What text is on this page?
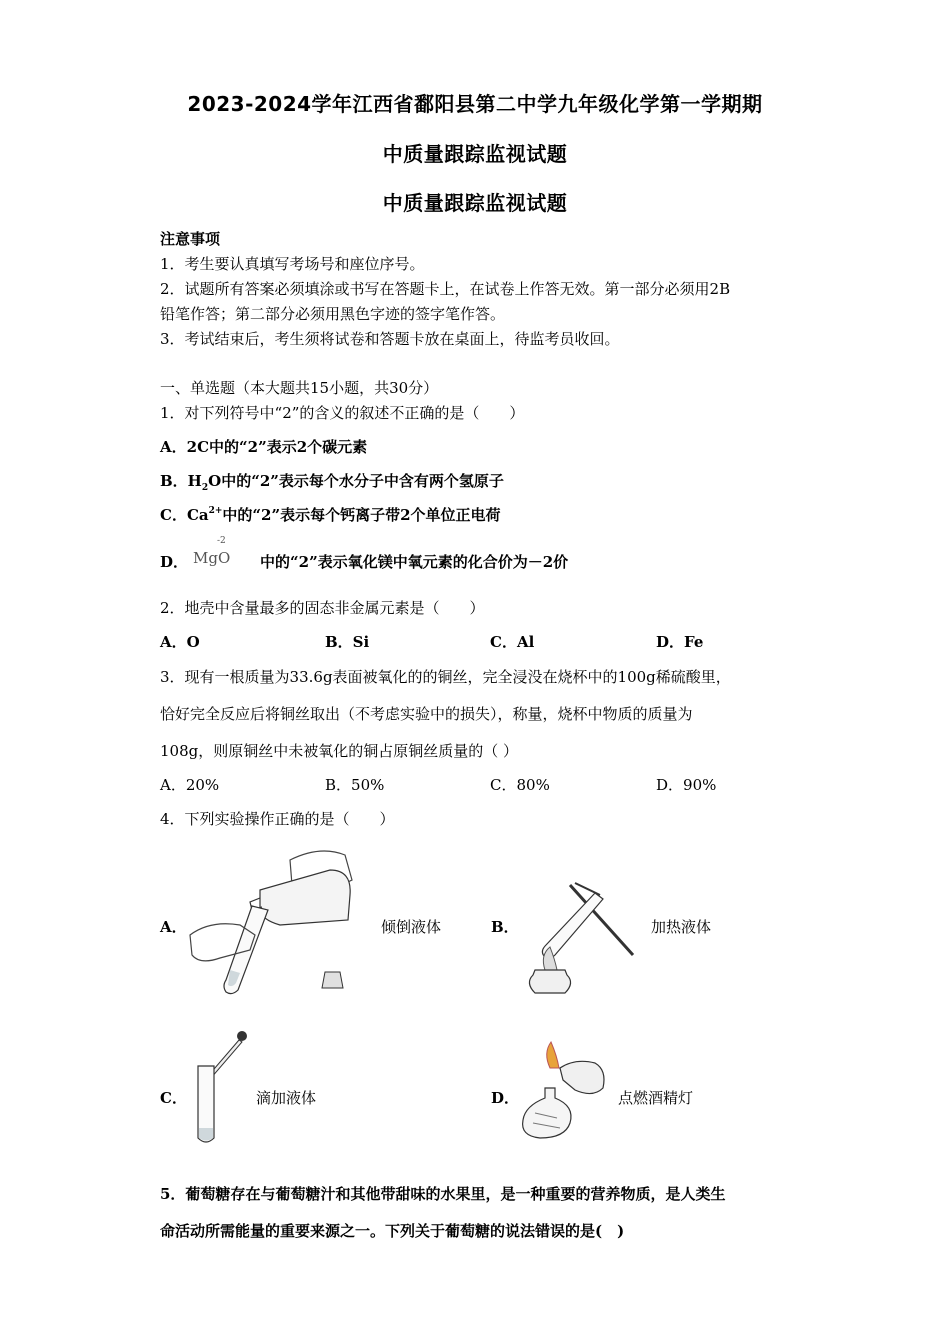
2023-2024学年江西省鄱阳县第二中学九年级化学第一学期期
中质量跟踪监视试题
中质量跟踪监视试题
注意事项
1．考生要认真填写考场号和座位序号。
2．试题所有答案必须填涂或书写在答题卡上，在试卷上作答无效。第一部分必须用2B
铅笔作答；第二部分必须用黑色字迹的签字笔作答。
3．考试结束后，考生须将试卷和答题卡放在桌面上，待监考员收回。
一、单选题（本大题共15小题，共30分）
1．对下列符号中“2”的含义的叙述不正确的是（　　）
A．2C中的“2”表示2个碳元素
B．$H_2O$中的“2”表示每个水分子中含有两个氢原子
C．$Ca^{2+}$中的“2”表示每个钙离子带2个单位正电荷
D．	中的“2”表示氧化镁中氧元素的化合价为－2价
MgO
-2
2．地壳中含量最多的固态非金属元素是（　　）
A．O	B．Si	C．Al	D．Fe
3．现有一根质量为33.6g表面被氧化的的铜丝，完全浸没在烧杯中的100g稀硫酸里，
恰好完全反应后将铜丝取出（不考虑实验中的损失），称量，烧杯中物质的质量为
108g，则原铜丝中未被氧化的铜占原铜丝质量的（ ）
A．20%	B．50%	C．80%	D．90%
4．下列实验操作正确的是（　　）
A．	倾倒液体	B．	加热液体
C．	滴加液体	D．	点燃酒精灯
5．葡萄糖存在与葡萄糖汁和其他带甜味的水果里，是一种重要的营养物质，是人类生
命活动所需能量的重要来源之一。下列关于葡萄糖的说法错误的是(　)
